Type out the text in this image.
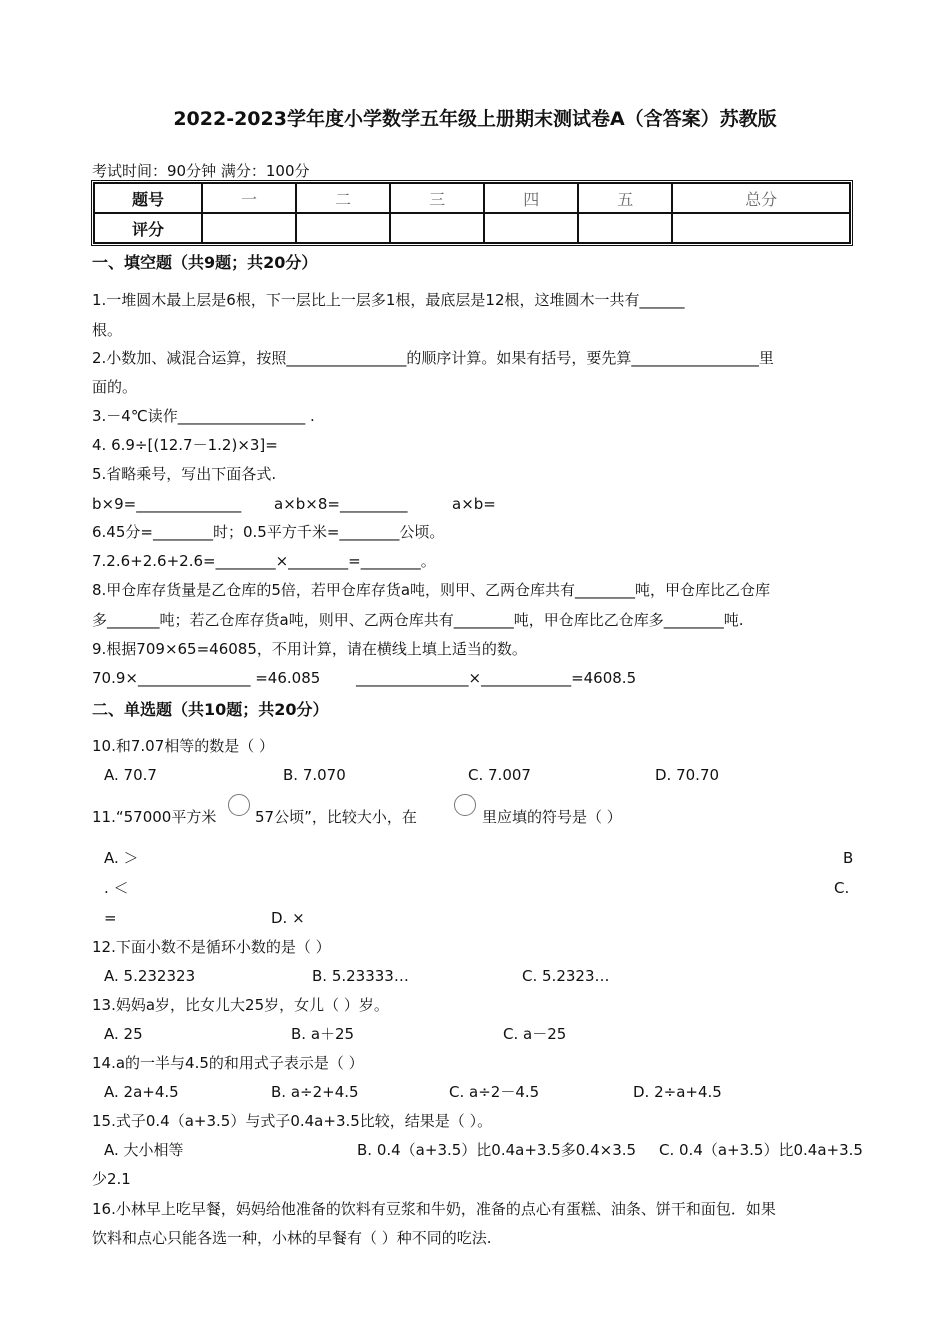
2022-2023学年度小学数学五年级上册期末测试卷A（含答案）苏教版
考试时间：90分钟 满分：100分
题号	一	二	三	四	五	总分
评分						
一、填空题（共9题；共20分）
1.一堆圆木最上层是6根，下一层比上一层多1根，最底层是12根，这堆圆木一共有______
根。
2.小数加、减混合运算，按照________________的顺序计算。如果有括号，要先算_________________里
面的。
3.－4℃读作_________________ .
4. 6.9÷[(12.7－1.2)×3]=
5.省略乘号，写出下面各式.
b×9=______________ a×b×8=_________	a×b=
6.45分=________时；0.5平方千米=________公顷。
7.2.6+2.6+2.6=________×________=________。
8.甲仓库存货量是乙仓库的5倍，若甲仓库存货a吨，则甲、乙两仓库共有________吨，甲仓库比乙仓库
多_______吨；若乙仓库存货a吨，则甲、乙两仓库共有________吨，甲仓库比乙仓库多________吨.
9.根据709×65=46085，不用计算，请在横线上填上适当的数。
70.9×_______________ =46.085 _______________×____________=4608.5
二、单选题（共10题；共20分）
10.和7.07相等的数是（ ）
A. 70.7	B. 7.070	C. 7.007	D. 70.70
11.“57000平方米	57公顷”，比较大小，在	里应填的符号是（ ）
A. ＞	B
. ＜	C.
=	D. ×
12.下面小数不是循环小数的是（ ）
A. 5.232323	B. 5.23333…	C. 5.2323…
13.妈妈a岁，比女儿大25岁，女儿（ ）岁。
A. 25	B. a＋25	C. a－25
14.a的一半与4.5的和用式子表示是（ ）
A. 2a+4.5	B. a÷2+4.5	C. a÷2－4.5	D. 2÷a+4.5
15.式子0.4（a+3.5）与式子0.4a+3.5比较，结果是（ ）。
A. 大小相等	B. 0.4（a+3.5）比0.4a+3.5多0.4×3.5 C. 0.4（a+3.5）比0.4a+3.5
少2.1
16.小林早上吃早餐，妈妈给他准备的饮料有豆浆和牛奶，准备的点心有蛋糕、油条、饼干和面包．如果
饮料和点心只能各选一种，小林的早餐有（ ）种不同的吃法.
